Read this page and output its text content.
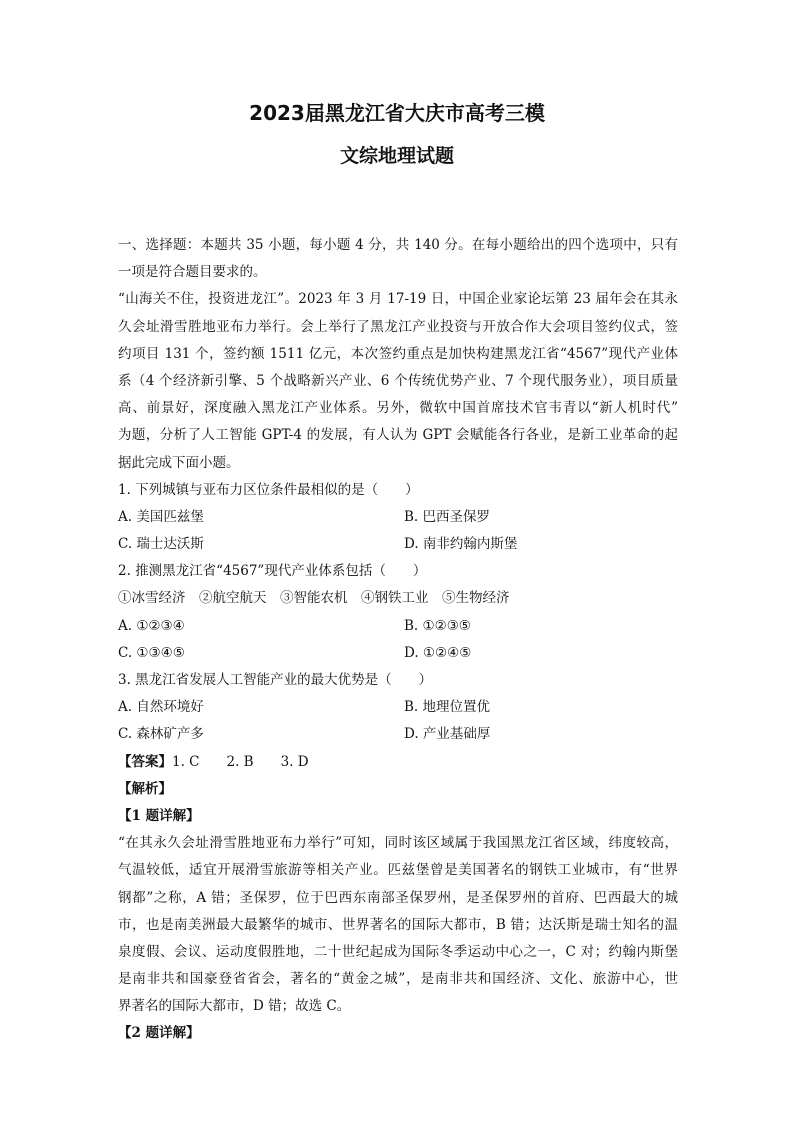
2023届黑龙江省大庆市高考三模
文综地理试题
一、选择题：本题共 35 小题，每小题 4 分，共 140 分。在每小题给出的四个选项中，只有
一项是符合题目要求的。
“山海关不住，投资进龙江”。2023 年 3 月 17-19 日，中国企业家论坛第 23 届年会在其永
久会址滑雪胜地亚布力举行。会上举行了黑龙江产业投资与开放合作大会项目签约仪式，签
约项目 131 个，签约额 1511 亿元，本次签约重点是加快构建黑龙江省“4567”现代产业体
系（4 个经济新引擎、5 个战略新兴产业、6 个传统优势产业、7 个现代服务业），项目质量
高、前景好，深度融入黑龙江产业体系。另外，微软中国首席技术官韦青以“新人机时代”
为题，分析了人工智能 GPT-4 的发展，有人认为 GPT 会赋能各行各业，是新工业革命的起
据此完成下面小题。
1. 下列城镇与亚布力区位条件最相似的是（　　）
A. 美国匹兹堡	B. 巴西圣保罗
C. 瑞士达沃斯	D. 南非约翰内斯堡
2. 推测黑龙江省“4567”现代产业体系包括（　　）
①冰雪经济　②航空航天　③智能农机　④钢铁工业　⑤生物经济
A. ①②③④	B. ①②③⑤
C. ①③④⑤	D. ①②④⑤
3. 黑龙江省发展人工智能产业的最大优势是（　　）
A. 自然环境好	B. 地理位置优
C. 森林矿产多	D. 产业基础厚
【答案】1. C　　2. B　　3. D
【解析】
【1 题详解】
“在其永久会址滑雪胜地亚布力举行”可知，同时该区域属于我国黑龙江省区域，纬度较高，
气温较低，适宜开展滑雪旅游等相关产业。匹兹堡曾是美国著名的钢铁工业城市，有“世界
钢都”之称，A 错；圣保罗，位于巴西东南部圣保罗州，是圣保罗州的首府、巴西最大的城
市，也是南美洲最大最繁华的城市、世界著名的国际大都市，B 错；达沃斯是瑞士知名的温
泉度假、会议、运动度假胜地，二十世纪起成为国际冬季运动中心之一，C 对；约翰内斯堡
是南非共和国豪登省省会，著名的“黄金之城”，是南非共和国经济、文化、旅游中心，世
界著名的国际大都市，D 错；故选 C。
【2 题详解】
